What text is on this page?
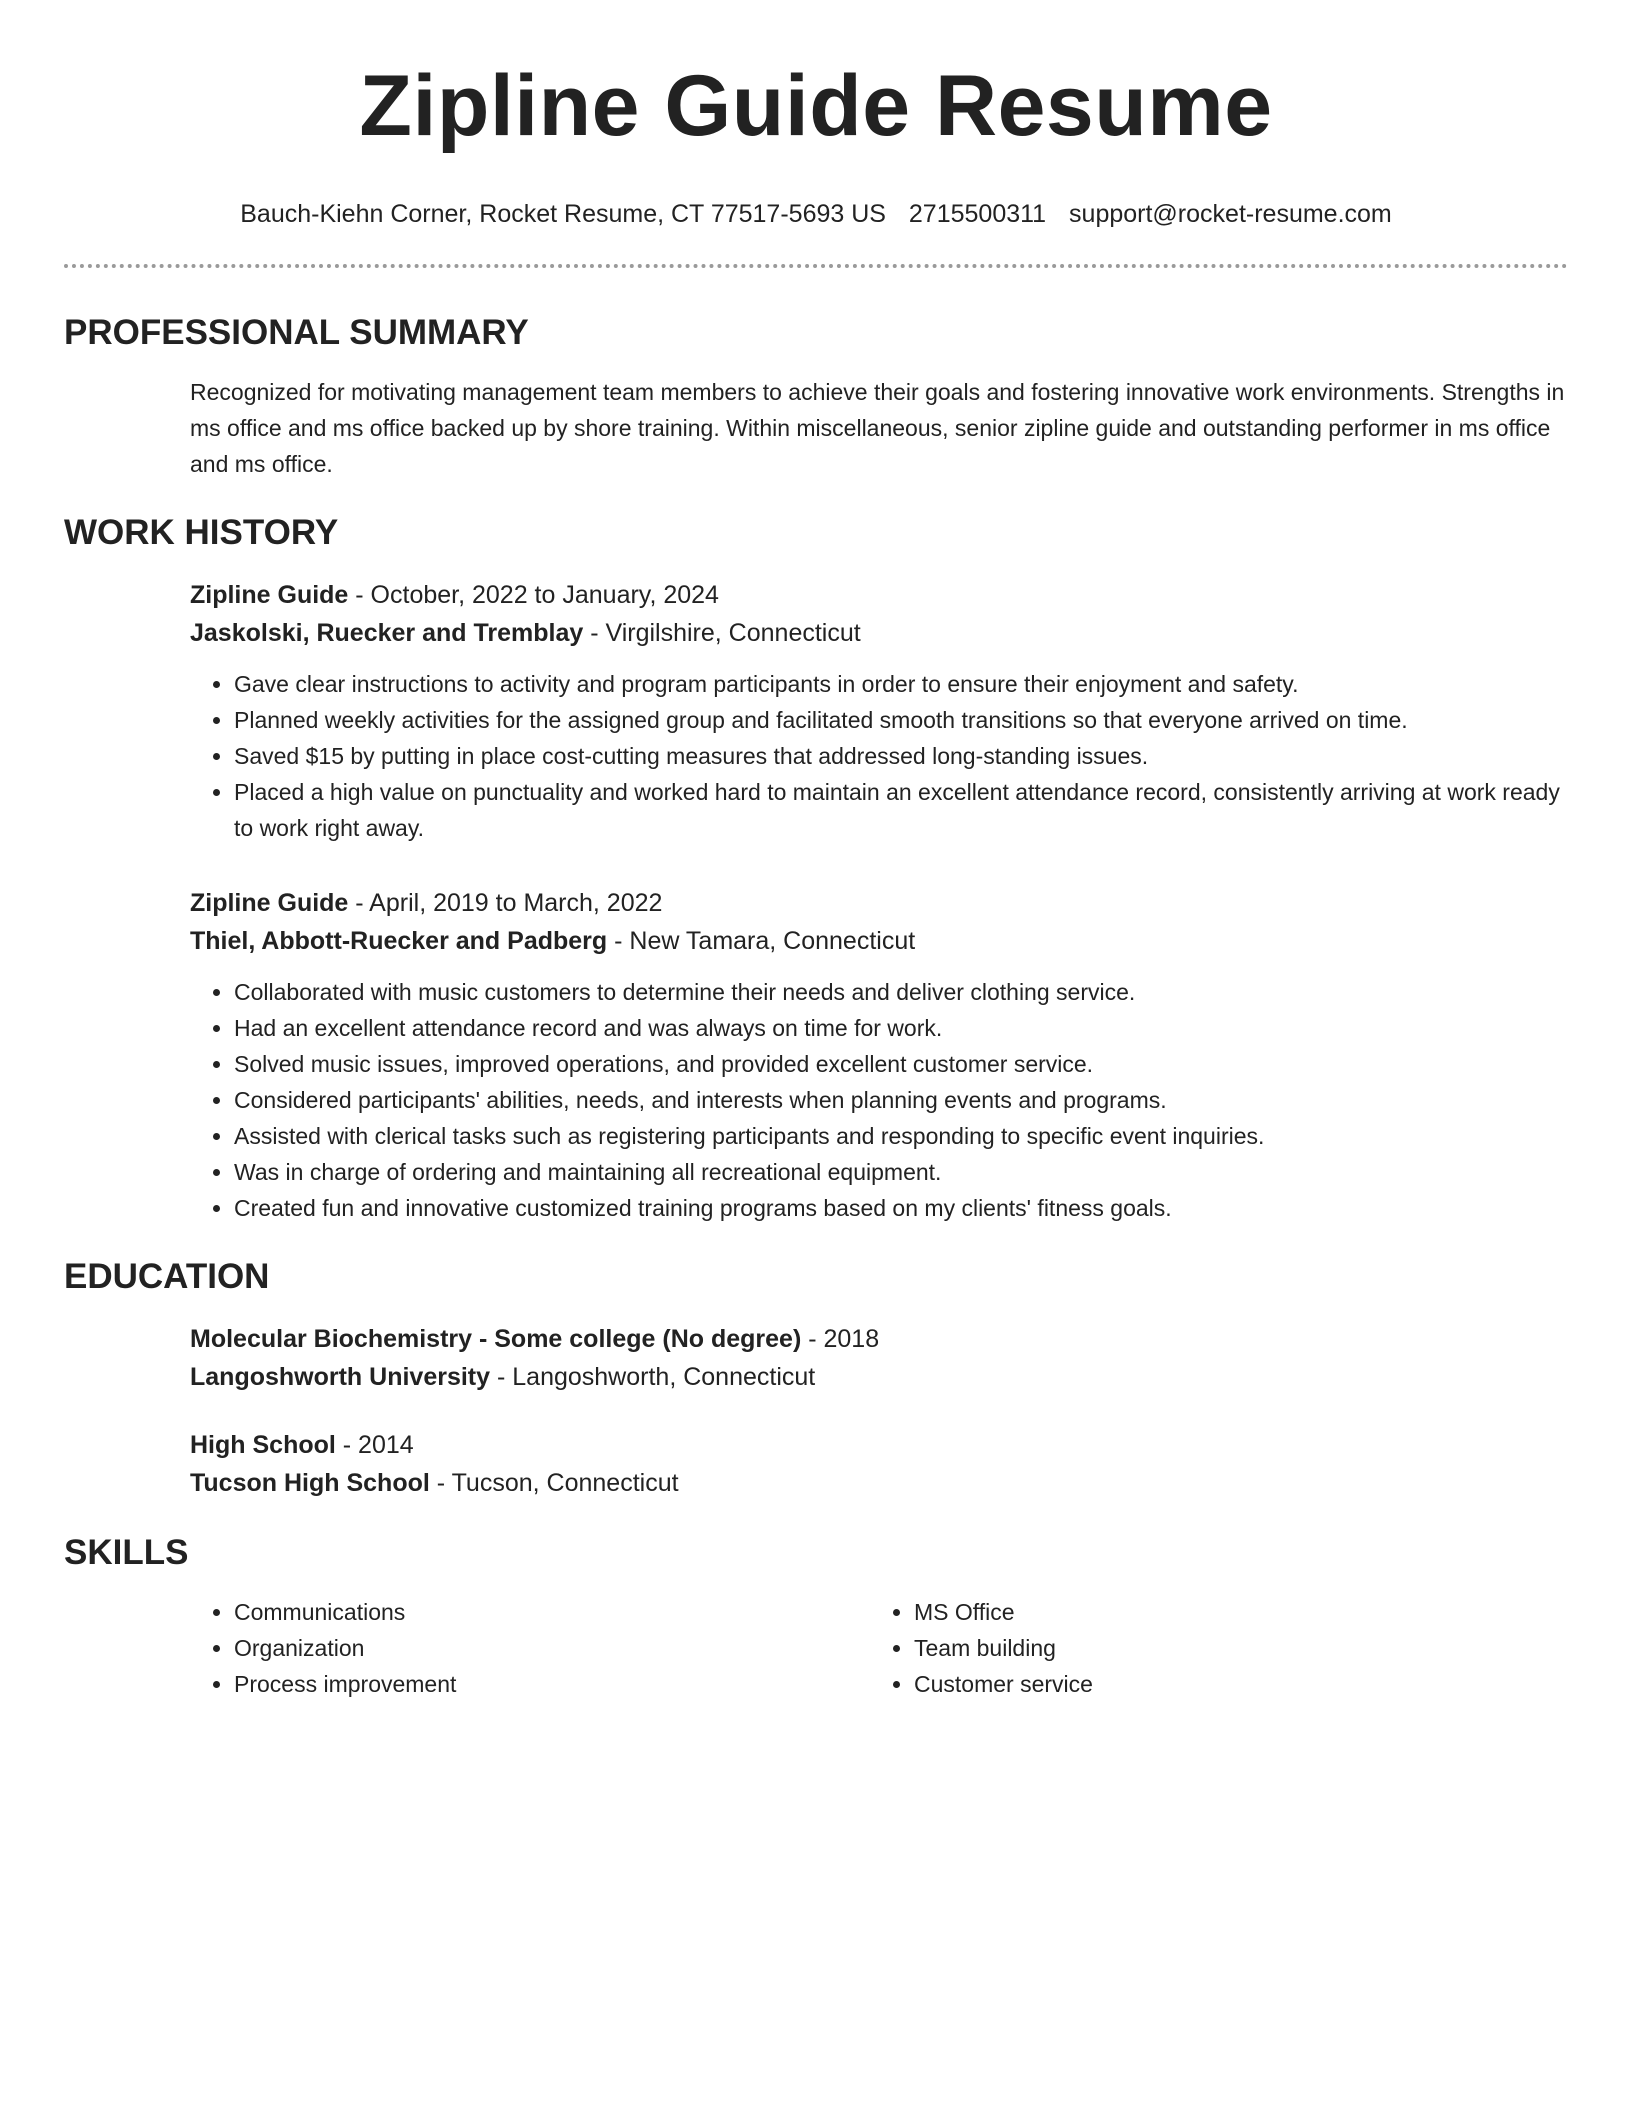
Zipline Guide Resume
Bauch-Kiehn Corner, Rocket Resume, CT 77517-5693 US 2715500311 support@rocket-resume.com
PROFESSIONAL SUMMARY

Recognized for motivating management team members to achieve their goals and fostering innovative work environments. Strengths in ms office and ms office backed up by shore training. Within miscellaneous, senior zipline guide and outstanding performer in ms office and ms office.

WORK HISTORY

Zipline Guide - October, 2022 to January, 2024

Jaskolski, Ruecker and Tremblay - Virgilshire, Connecticut

• Gave clear instructions to activity and program participants in order to ensure their enjoyment and safety.
• Planned weekly activities for the assigned group and facilitated smooth transitions so that everyone arrived on time.
• Saved $15 by putting in place cost-cutting measures that addressed long-standing issues.
• Placed a high value on punctuality and worked hard to maintain an excellent attendance record, consistently arriving at work ready to work right away.

Zipline Guide - April, 2019 to March, 2022

Thiel, Abbott-Ruecker and Padberg - New Tamara, Connecticut

• Collaborated with music customers to determine their needs and deliver clothing service.
• Had an excellent attendance record and was always on time for work.
• Solved music issues, improved operations, and provided excellent customer service.
• Considered participants' abilities, needs, and interests when planning events and programs.
• Assisted with clerical tasks such as registering participants and responding to specific event inquiries.
• Was in charge of ordering and maintaining all recreational equipment.
• Created fun and innovative customized training programs based on my clients' fitness goals.
EDUCATION

Molecular Biochemistry - Some college (No degree) - 2018

Langoshworth University - Langoshworth, Connecticut

High School - 2014

Tucson High School - Tucson, Connecticut

SKILLS
• Communications
• Organization
• Process improvement
• MS Office
• Team building
• Customer service
